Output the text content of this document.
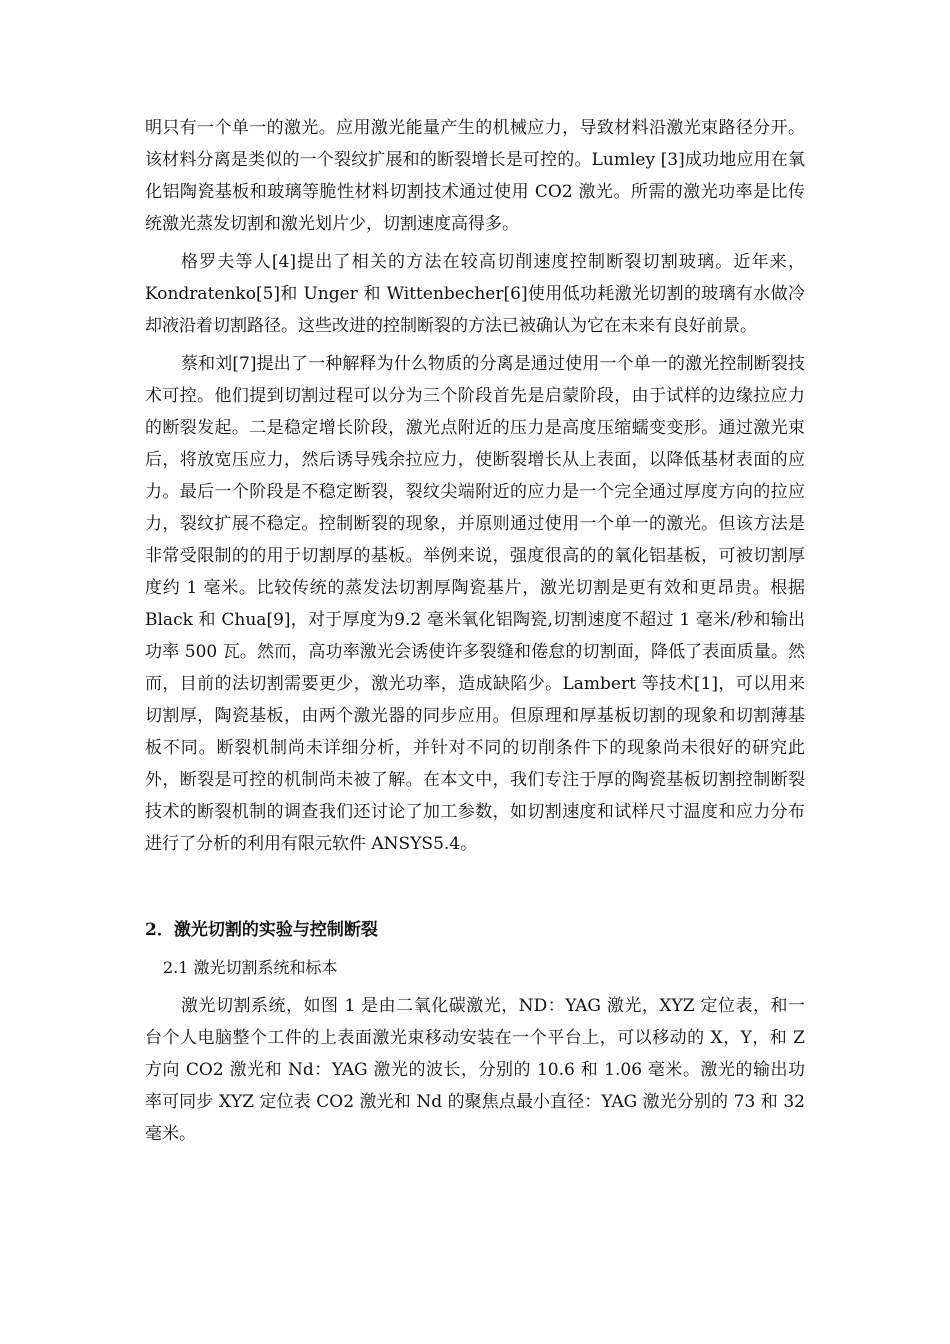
明只有一个单一的激光。应用激光能量产生的机械应力，导致材料沿激光束路径分开。该材料分离是类似的一个裂纹扩展和的断裂增长是可控的。Lumley [3]成功地应用在氧化铝陶瓷基板和玻璃等脆性材料切割技术通过使用 CO2 激光。所需的激光功率是比传统激光蒸发切割和激光划片少，切割速度高得多。

格罗夫等人[4]提出了相关的方法在较高切削速度控制断裂切割玻璃。近年来，Kondratenko[5]和 Unger 和 Wittenbecher[6]使用低功耗激光切割的玻璃有水做冷却液沿着切割路径。这些改进的控制断裂的方法已被确认为它在未来有良好前景。

蔡和刘[7]提出了一种解释为什么物质的分离是通过使用一个单一的激光控制断裂技术可控。他们提到切割过程可以分为三个阶段首先是启蒙阶段，由于试样的边缘拉应力的断裂发起。二是稳定增长阶段，激光点附近的压力是高度压缩蠕变变形。通过激光束后，将放宽压应力，然后诱导残余拉应力，使断裂增长从上表面，以降低基材表面的应力。最后一个阶段是不稳定断裂，裂纹尖端附近的应力是一个完全通过厚度方向的拉应力，裂纹扩展不稳定。控制断裂的现象，并原则通过使用一个单一的激光。但该方法是非常受限制的的用于切割厚的基板。举例来说，强度很高的的氧化铝基板，可被切割厚度约 1 毫米。比较传统的蒸发法切割厚陶瓷基片，激光切割是更有效和更昂贵。根据 Black 和 Chua[9]，对于厚度为9.2 毫米氧化铝陶瓷,切割速度不超过 1 毫米/秒和输出功率 500 瓦。然而，高功率激光会诱使许多裂缝和倦怠的切割面，降低了表面质量。然而，目前的法切割需要更少，激光功率，造成缺陷少。Lambert 等技术[1]，可以用来切割厚，陶瓷基板，由两个激光器的同步应用。但原理和厚基板切割的现象和切割薄基板不同。断裂机制尚未详细分析，并针对不同的切削条件下的现象尚未很好的研究此外，断裂是可控的机制尚未被了解。在本文中，我们专注于厚的陶瓷基板切割控制断裂技术的断裂机制的调查我们还讨论了加工参数，如切割速度和试样尺寸温度和应力分布进行了分析的利用有限元软件 ANSYS5.4。

2．激光切割的实验与控制断裂

2.1 激光切割系统和标本

激光切割系统，如图 1 是由二氧化碳激光，ND：YAG 激光，XYZ 定位表，和一台个人电脑整个工件的上表面激光束移动安装在一个平台上，可以移动的 X，Y，和 Z 方向 CO2 激光和 Nd：YAG 激光的波长，分别的 10.6 和 1.06 毫米。激光的输出功率可同步 XYZ 定位表 CO2 激光和 Nd 的聚焦点最小直径：YAG 激光分别的 73 和 32 毫米。
